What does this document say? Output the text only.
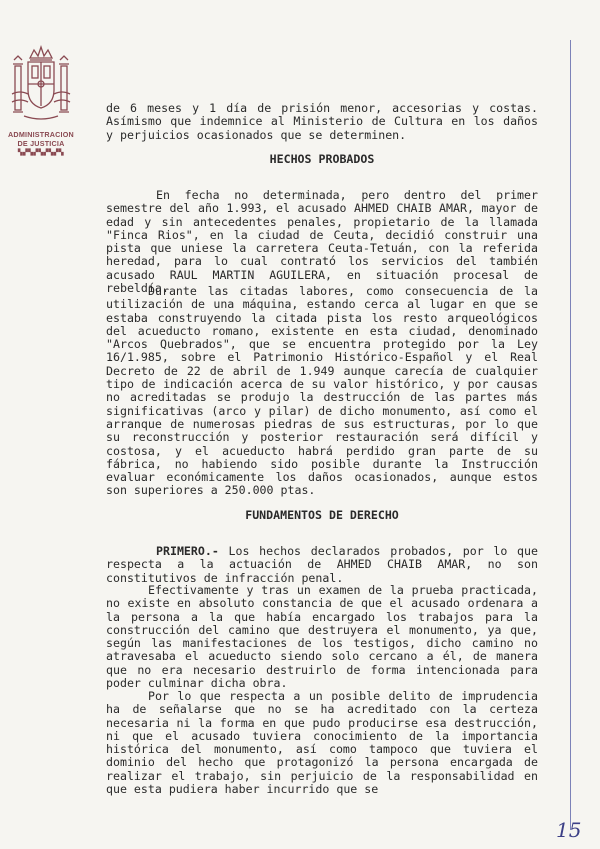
ADMINISTRACION
DE JUSTICIA
▚▞▚▞▚▞▚▞▚

de 6 meses y 1 día de prisión menor, accesorias y costas. Asímismo que indemnice al Ministerio de Cultura en los daños y perjuicios ocasionados que se determinen.

HECHOS PROBADOS

En fecha no determinada, pero dentro del primer semestre del año 1.993, el acusado AHMED CHAIB AMAR, mayor de edad y sin antecedentes penales, propietario de la llamada "Finca Rios", en la ciudad de Ceuta, decidió construir una pista que uniese la carretera Ceuta-Tetuán, con la referida heredad, para lo cual contrató los servicios del también acusado RAUL MARTIN AGUILERA, en situación procesal de rebeldía.

Durante las citadas labores, como consecuencia de la utilización de una máquina, estando cerca al lugar en que se estaba construyendo la citada pista los resto arqueológicos del acueducto romano, existente en esta ciudad, denominado "Arcos Quebrados", que se encuentra protegido por la Ley 16/1.985, sobre el Patrimonio Histórico-Español y el Real Decreto de 22 de abril de 1.949 aunque carecía de cualquier tipo de indicación acerca de su valor histórico, y por causas no acreditadas se produjo la destrucción de las partes más significativas (arco y pilar) de dicho monumento, así como el arranque de numerosas piedras de sus estructuras, por lo que su reconstrucción y posterior restauración será difícil y costosa, y el acueducto habrá perdido gran parte de su fábrica, no habiendo sido posible durante la Instrucción evaluar económicamente los daños ocasionados, aunque estos son superiores a 250.000 ptas.

FUNDAMENTOS DE DERECHO

PRIMERO.- Los hechos declarados probados, por lo que respecta a la actuación de AHMED CHAIB AMAR, no son constitutivos de infracción penal.

Efectivamente y tras un examen de la prueba practicada, no existe en absoluto constancia de que el acusado ordenara a la persona a la que había encargado los trabajos para la construcción del camino que destruyera el monumento, ya que, según las manifestaciones de los testigos, dicho camino no atravesaba el acueducto siendo solo cercano a él, de manera que no era necesario destruirlo de forma intencionada para poder culminar dicha obra.

Por lo que respecta a un posible delito de imprudencia ha de señalarse que no se ha acreditado con la certeza necesaria ni la forma en que pudo producirse esa destrucción, ni que el acusado tuviera conocimiento de la importancia histórica del monumento, así como tampoco que tuviera el dominio del hecho que protagonizó la persona encargada de realizar el trabajo, sin perjuicio de la responsabilidad en que esta pudiera haber incurrido que se

15
